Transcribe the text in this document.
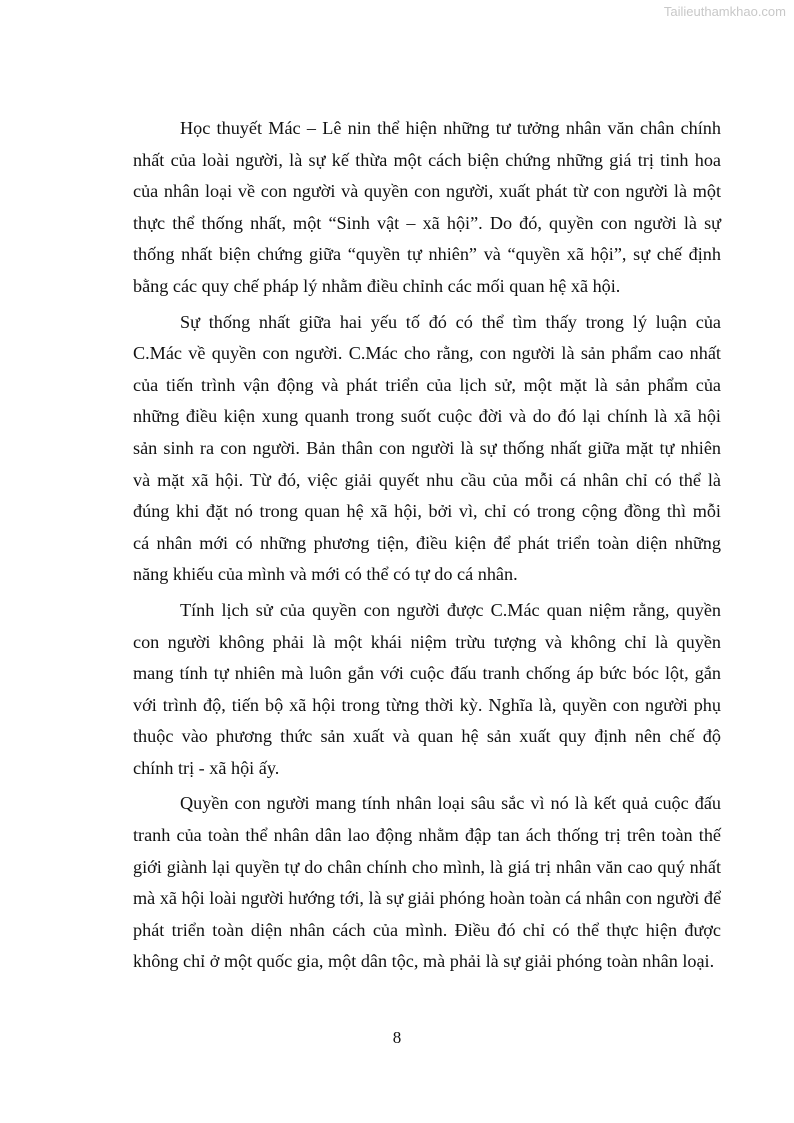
Tailieuthamkhao.com
Học thuyết Mác – Lê nin thể hiện những tư tưởng nhân văn chân chính
nhất của loài người, là sự kế thừa một cách biện chứng những giá trị tinh hoa
của nhân loại về con người và quyền con người, xuất phát từ con người là một
thực thể thống nhất, một “Sinh vật – xã hội”. Do đó, quyền con người là sự
thống nhất biện chứng giữa “quyền tự nhiên” và “quyền xã hội”, sự chế định
bằng các quy chế pháp lý nhằm điều chỉnh các mối quan hệ xã hội.
Sự thống nhất giữa hai yếu tố đó có thể tìm thấy trong lý luận của
C.Mác về quyền con người. C.Mác cho rằng, con người là sản phẩm cao nhất
của tiến trình vận động và phát triển của lịch sử, một mặt là sản phẩm của
những điều kiện xung quanh trong suốt cuộc đời và do đó lại chính là xã hội
sản sinh ra con người. Bản thân con người là sự thống nhất giữa mặt tự nhiên
và mặt xã hội. Từ đó, việc giải quyết nhu cầu của mỗi cá nhân chỉ có thể là
đúng khi đặt nó trong quan hệ xã hội, bởi vì, chỉ có trong cộng đồng thì mỗi
cá nhân mới có những phương tiện, điều kiện để phát triển toàn diện những
năng khiếu của mình và mới có thể có tự do cá nhân.
Tính lịch sử của quyền con người được C.Mác quan niệm rằng, quyền
con người không phải là một khái niệm trừu tượng và không chỉ là quyền
mang tính tự nhiên mà luôn gắn với cuộc đấu tranh chống áp bức bóc lột, gắn
với trình độ, tiến bộ xã hội trong từng thời kỳ. Nghĩa là, quyền con người phụ
thuộc vào phương thức sản xuất và quan hệ sản xuất quy định nên chế độ
chính trị - xã hội ấy.
Quyền con người mang tính nhân loại sâu sắc vì nó là kết quả cuộc đấu
tranh của toàn thể nhân dân lao động nhằm đập tan ách thống trị trên toàn thế
giới giành lại quyền tự do chân chính cho mình, là giá trị nhân văn cao quý nhất
mà xã hội loài người hướng tới, là sự giải phóng hoàn toàn cá nhân con người để
phát triển toàn diện nhân cách của mình. Điều đó chỉ có thể thực hiện được
không chỉ ở một quốc gia, một dân tộc, mà phải là sự giải phóng toàn nhân loại.
8
